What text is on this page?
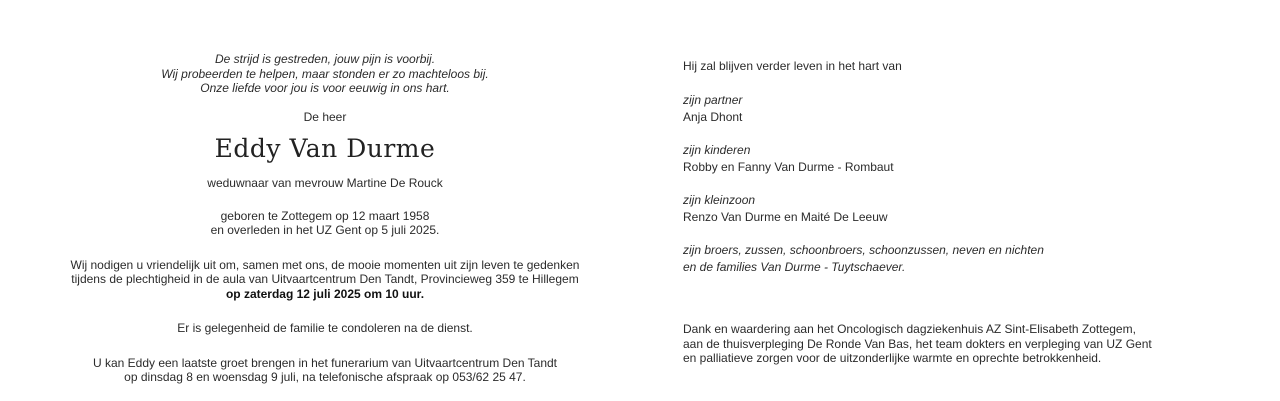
De strijd is gestreden, jouw pijn is voorbij.

Wij probeerden te helpen, maar stonden er zo machteloos bij.

Onze liefde voor jou is voor eeuwig in ons hart.

De heer

Eddy Van Durme

weduwnaar van mevrouw Martine De Rouck

geboren te Zottegem op 12 maart 1958

en overleden in het UZ Gent op 5 juli 2025.

Wij nodigen u vriendelijk uit om, samen met ons, de mooie momenten uit zijn leven te gedenken

tijdens de plechtigheid in de aula van Uitvaartcentrum Den Tandt, Provincieweg 359 te Hillegem

op zaterdag 12 juli 2025 om 10 uur.

Er is gelegenheid de familie te condoleren na de dienst.

U kan Eddy een laatste groet brengen in het funerarium van Uitvaartcentrum Den Tandt

op dinsdag 8 en woensdag 9 juli, na telefonische afspraak op 053/62 25 47.

Hij zal blijven verder leven in het hart van

zijn partner

Anja Dhont

zijn kinderen

Robby en Fanny Van Durme - Rombaut

zijn kleinzoon

Renzo Van Durme en Maité De Leeuw

zijn broers, zussen, schoonbroers, schoonzussen, neven en nichten

en de families Van Durme - Tuytschaever.

Dank en waardering aan het Oncologisch dagziekenhuis AZ Sint-Elisabeth Zottegem,

aan de thuisverpleging De Ronde Van Bas, het team dokters en verpleging van UZ Gent

en palliatieve zorgen voor de uitzonderlijke warmte en oprechte betrokkenheid.
